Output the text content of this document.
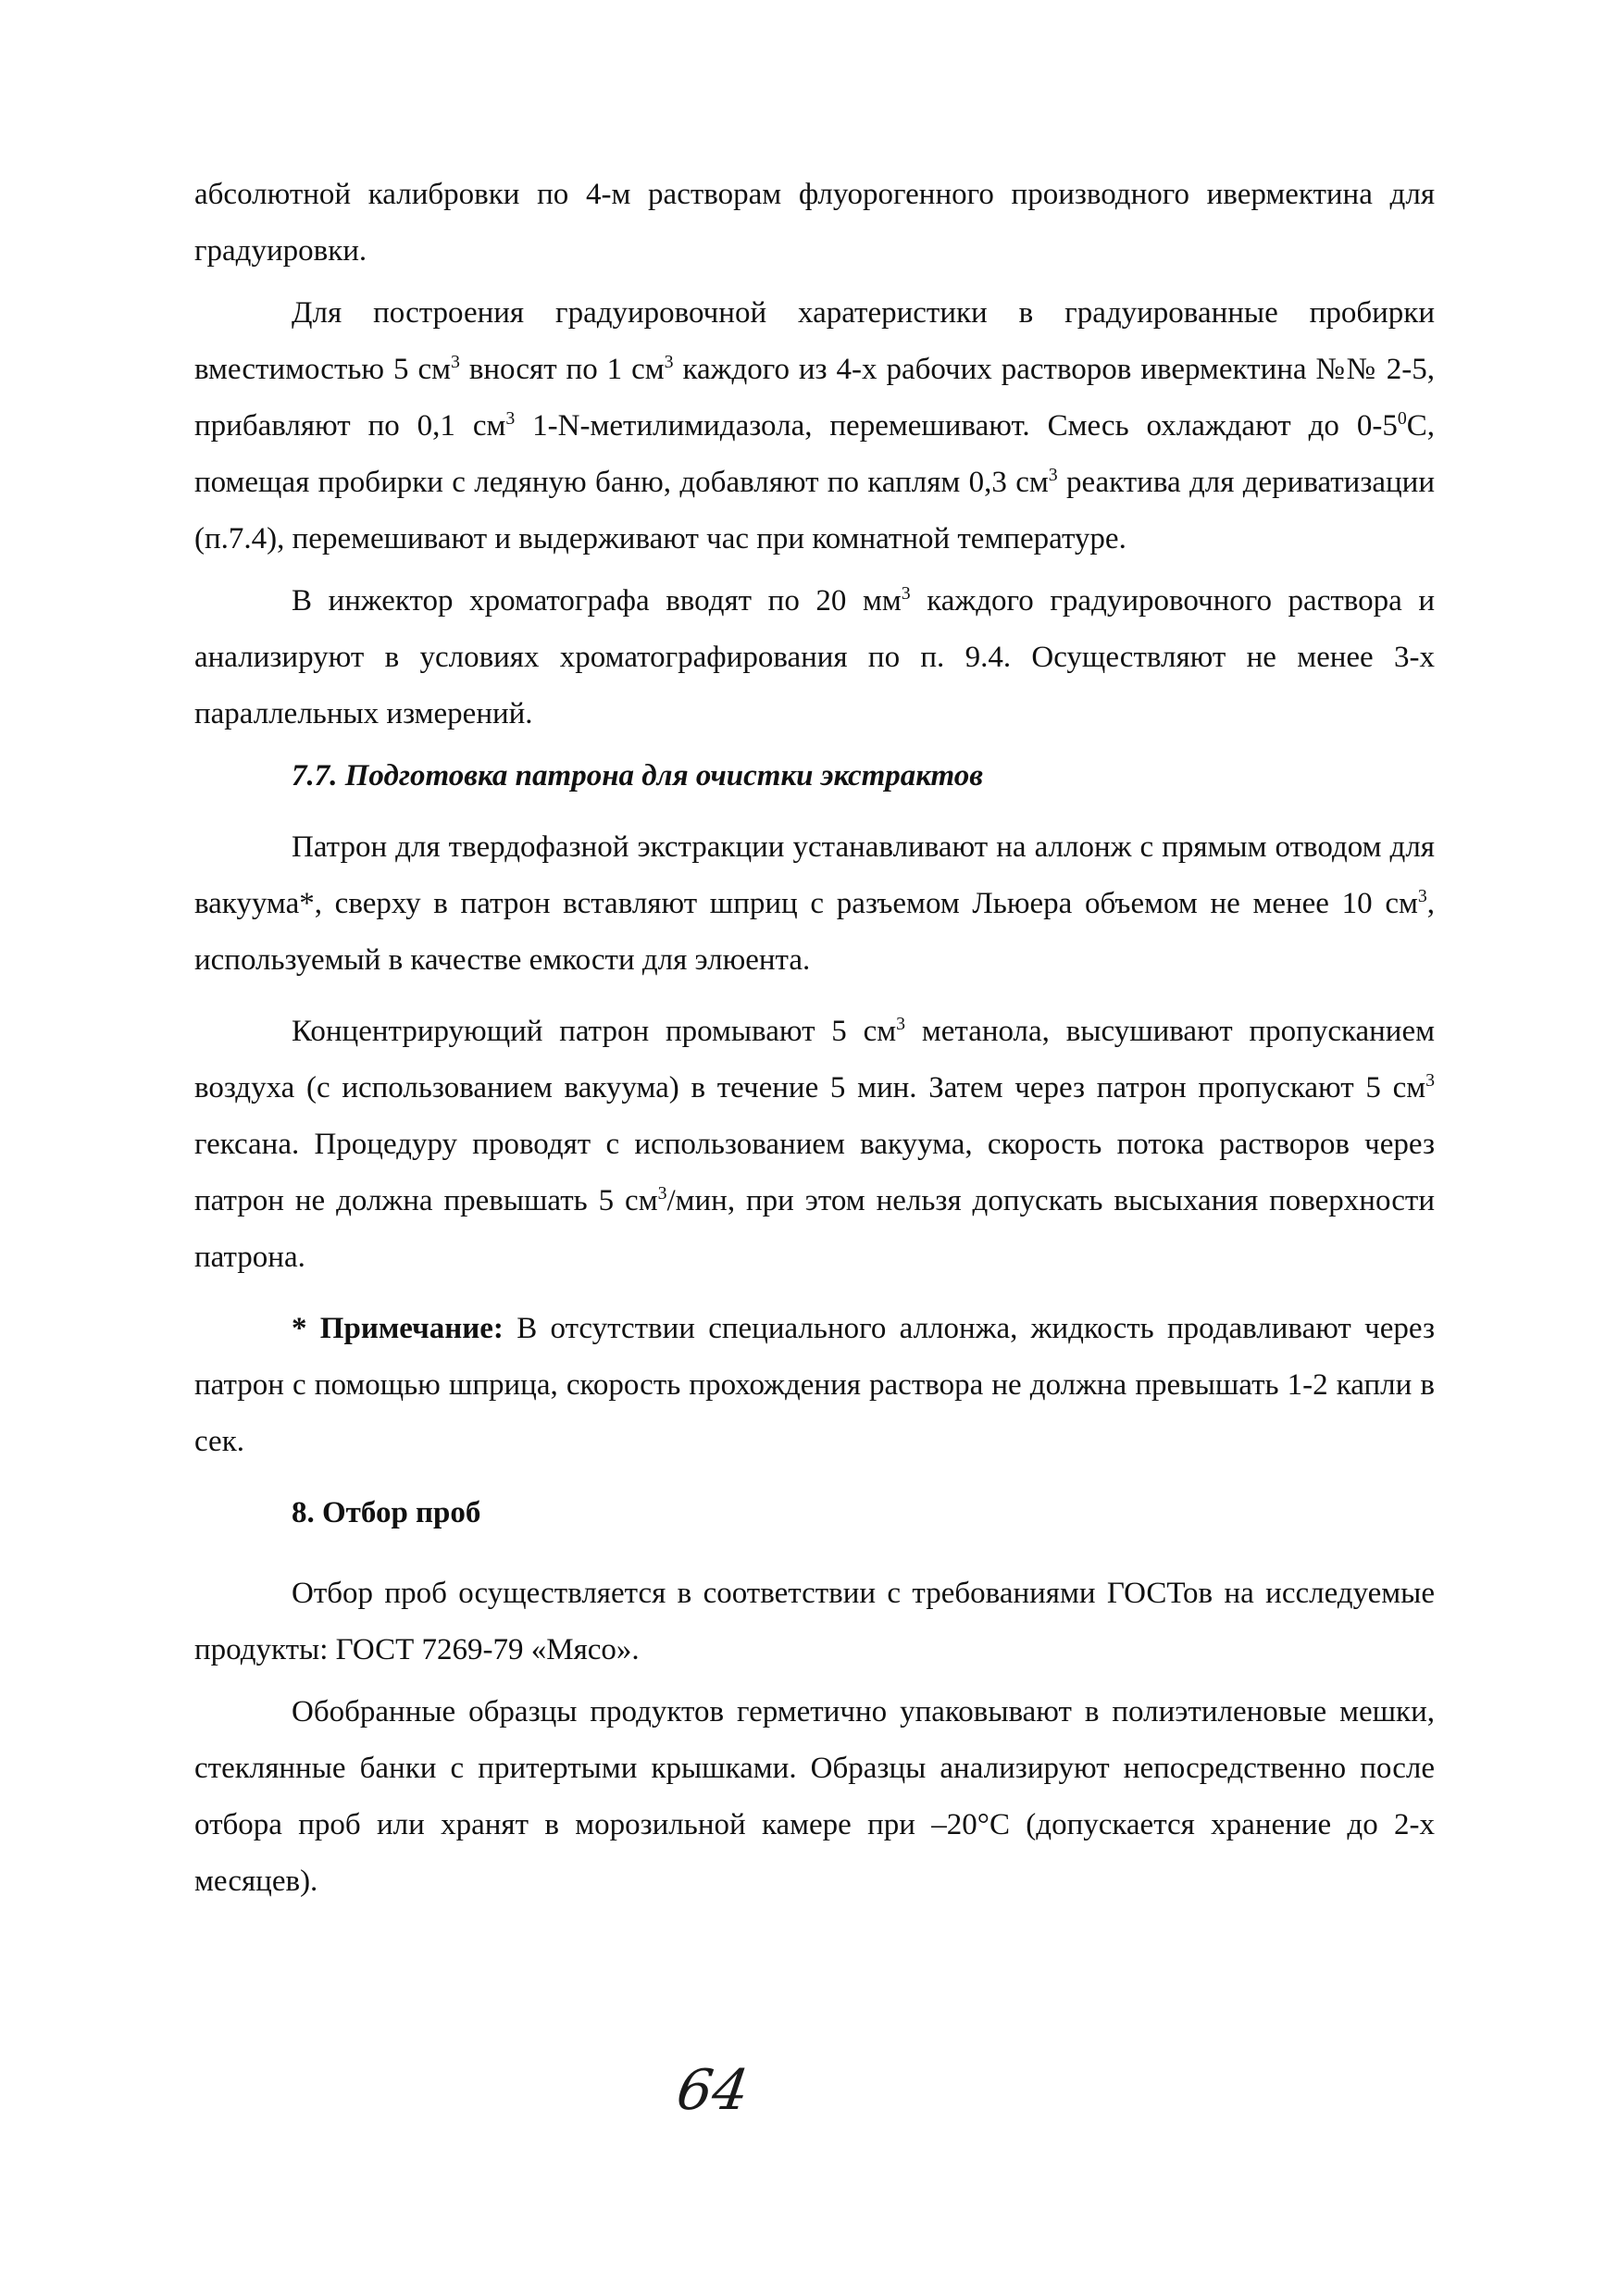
абсолютной калибровки по 4-м растворам флуорогенного производного ивермектина для градуировки.

Для построения градуировочной харатеристики в градуированные пробирки вместимостью 5 $см^3$ вносят по 1 $см^3$ каждого из 4-х рабочих растворов ивермектина №№ 2-5, прибавляют по 0,1 $см^3$ 1-N-метилимидазола, перемешивают. Смесь охлаждают до $0-5^0С$, помещая пробирки с ледяную баню, добавляют по каплям 0,3 $см^3$ реактива для дериватизации (п.7.4), перемешивают и выдерживают час при комнатной температуре.

В инжектор хроматографа вводят по 20 $мм^3$ каждого градуировочного раствора и анализируют в условиях хроматографирования по п. 9.4. Осуществляют не менее 3-х параллельных измерений.

7.7. Подготовка патрона для очистки экстрактов

Патрон для твердофазной экстракции устанавливают на аллонж с прямым отводом для вакуума*, сверху в патрон вставляют шприц с разъемом Льюера объемом не менее 10 $см^3$, используемый в качестве емкости для элюента.

Концентрирующий патрон промывают 5 $см^3$ метанола, высушивают пропусканием воздуха (с использованием вакуума) в течение 5 мин. Затем через патрон пропускают 5 $см^3$ гексана. Процедуру проводят с использованием вакуума, скорость потока растворов через патрон не должна превышать 5 $см^3$/мин, при этом нельзя допускать высыхания поверхности патрона.

* Примечание: В отсутствии специального аллонжа, жидкость продавливают через патрон с помощью шприца, скорость прохождения раствора не должна превышать 1-2 капли в сек.

8. Отбор проб

Отбор проб осуществляется в соответствии с требованиями ГОСТов на исследуемые продукты: ГОСТ 7269-79 «Мясо».

Обобранные образцы продуктов герметично упаковывают в полиэтиленовые мешки, стеклянные банки с притертыми крышками. Образцы анализируют непосредственно после отбора проб или хранят в морозильной камере при –20°С (допускается хранение до 2-х месяцев).

64
